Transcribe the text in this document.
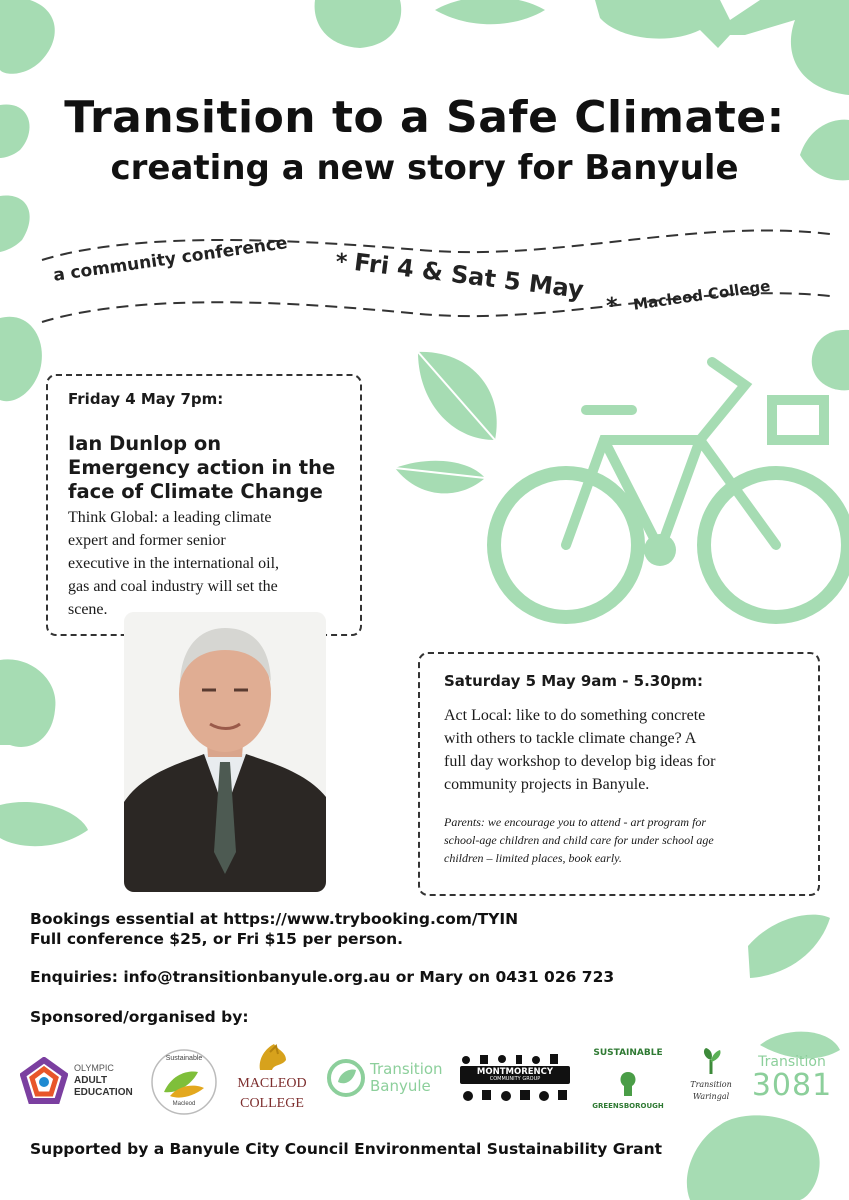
Transition to a Safe Climate:
creating a new story for Banyule
a community conference * Fri 4 & Sat 5 May
* Macleod College
Friday 4 May 7pm:
Ian Dunlop on
Emergency action in the
face of Climate Change
Think Global: a leading climate
expert and former senior
executive in the international oil,
gas and coal industry will set the
scene.
Saturday 5 May 9am - 5.30pm:
Act Local: like to do something concrete
with others to tackle climate change? A
full day workshop to develop big ideas for
community projects in Banyule.
Parents: we encourage you to attend - art program for
school-age children and child care for under school age
children – limited places, book early.
Bookings essential at https://www.trybooking.com/TYIN
Full conference $25, or Fri $15 per person.
Enquiries: info@transitionbanyule.org.au or Mary on 0431 026 723
Sponsored/organised by:
OLYMPIC
ADULT
EDUCATION
Sustainable
Macleod
MACLEOD
COLLEGE
Transition
Banyule
MONTMORENCY
COMMUNITY GROUP
SUSTAINABLE
GREENSBOROUGH
Transition
Waringal
Transition
3081
Supported by a Banyule City Council Environmental Sustainability Grant
